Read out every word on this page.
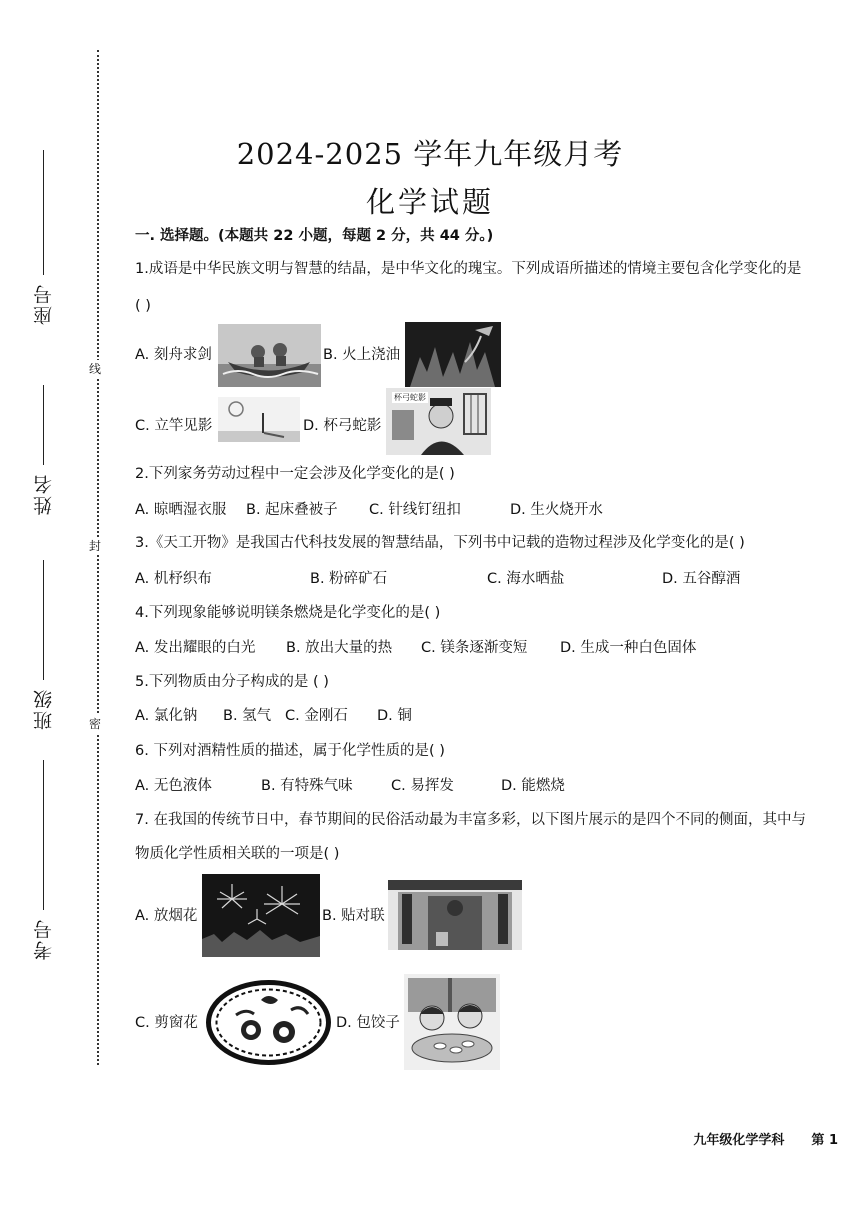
座号
姓名
班级
考号
线
封
密
2024-2025 学年九年级月考
化学试题
一. 选择题。(本题共 22 小题，每题 2 分，共 44 分。)
1.成语是中华民族文明与智慧的结晶，是中华文化的瑰宝。下列成语所描述的情境主要包含化学变化的是
( )
A. 刻舟求剑	B. 火上浇油
C. 立竿见影	D. 杯弓蛇影
杯弓蛇影
2.下列家务劳动过程中一定会涉及化学变化的是( )
A. 晾晒湿衣服 B. 起床叠被子 C. 针线钉纽扣	D. 生火烧开水
3.《天工开物》是我国古代科技发展的智慧结晶，下列书中记载的造物过程涉及化学变化的是( )
A. 机杼织布	B. 粉碎矿石	C. 海水晒盐	D. 五谷醇酒
4.下列现象能够说明镁条燃烧是化学变化的是( )
A. 发出耀眼的白光 B. 放出大量的热 C. 镁条逐渐变短 D. 生成一种白色固体
5.下列物质由分子构成的是 ( )
A. 氯化钠 B. 氢气 C. 金刚石 D. 铜
6. 下列对酒精性质的描述，属于化学性质的是( )
A. 无色液体	B. 有特殊气味	C. 易挥发	D. 能燃烧
7. 在我国的传统节日中，春节期间的民俗活动最为丰富多彩，以下图片展示的是四个不同的侧面，其中与
物质化学性质相关联的一项是( )
A. 放烟花	B. 贴对联
C. 剪窗花	D. 包饺子
九年级化学学科 第 1
